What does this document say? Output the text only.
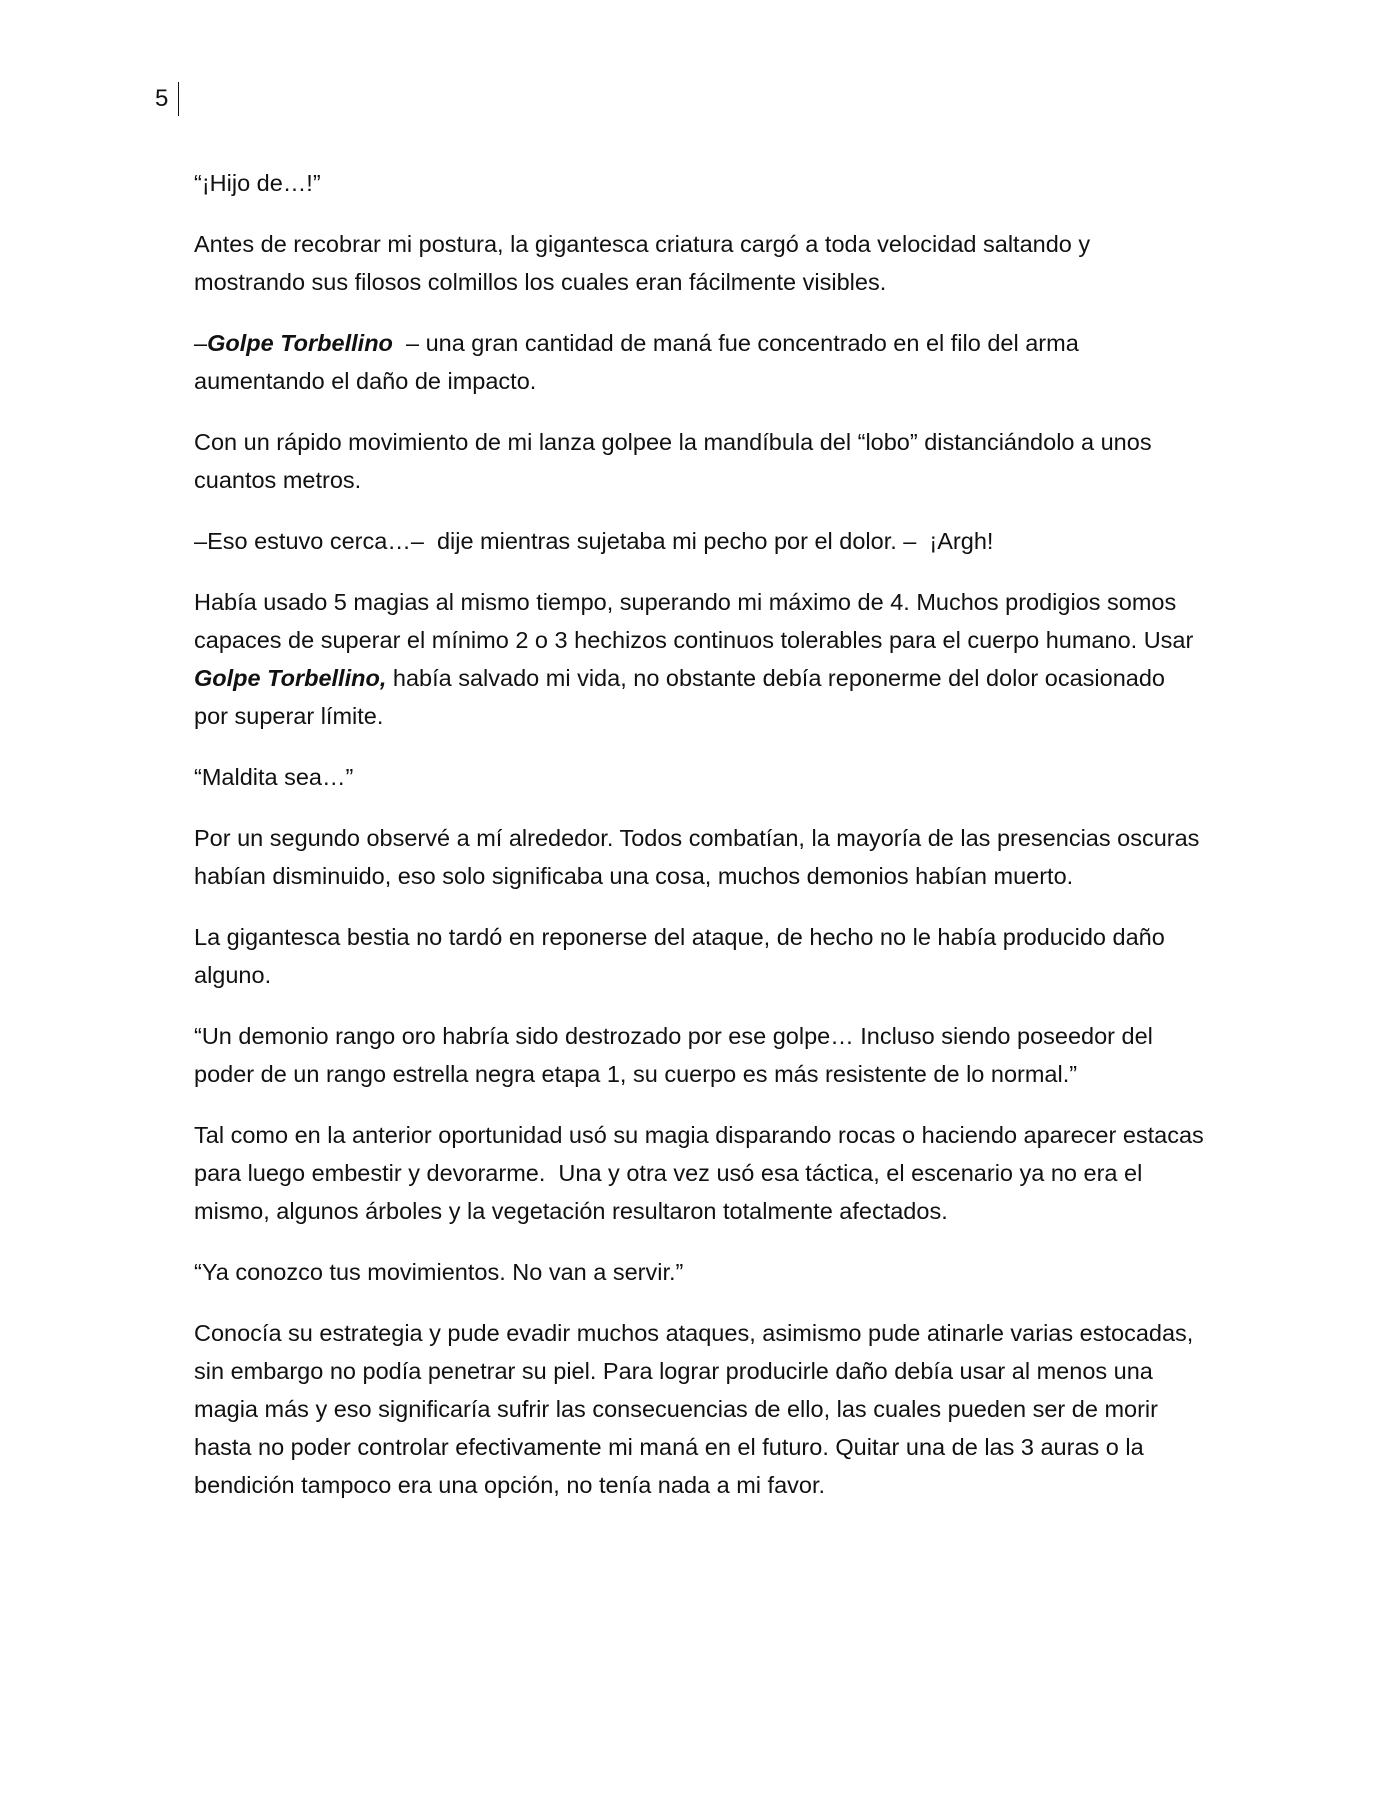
5

“¡Hijo de…!”

Antes de recobrar mi postura, la gigantesca criatura cargó a toda velocidad saltando y mostrando sus filosos colmillos los cuales eran fácilmente visibles.

–Golpe Torbellino  – una gran cantidad de maná fue concentrado en el filo del arma aumentando el daño de impacto.

Con un rápido movimiento de mi lanza golpee la mandíbula del “lobo” distanciándolo a unos cuantos metros.

–Eso estuvo cerca…–  dije mientras sujetaba mi pecho por el dolor. –  ¡Argh!

Había usado 5 magias al mismo tiempo, superando mi máximo de 4. Muchos prodigios somos capaces de superar el mínimo 2 o 3 hechizos continuos tolerables para el cuerpo humano. Usar Golpe Torbellino, había salvado mi vida, no obstante debía reponerme del dolor ocasionado por superar límite.

“Maldita sea…”

Por un segundo observé a mí alrededor. Todos combatían, la mayoría de las presencias oscuras habían disminuido, eso solo significaba una cosa, muchos demonios habían muerto.

La gigantesca bestia no tardó en reponerse del ataque, de hecho no le había producido daño alguno.

“Un demonio rango oro habría sido destrozado por ese golpe… Incluso siendo poseedor del poder de un rango estrella negra etapa 1, su cuerpo es más resistente de lo normal.”

Tal como en la anterior oportunidad usó su magia disparando rocas o haciendo aparecer estacas para luego embestir y devorarme.  Una y otra vez usó esa táctica, el escenario ya no era el mismo, algunos árboles y la vegetación resultaron totalmente afectados.

“Ya conozco tus movimientos. No van a servir.”

Conocía su estrategia y pude evadir muchos ataques, asimismo pude atinarle varias estocadas, sin embargo no podía penetrar su piel. Para lograr producirle daño debía usar al menos una magia más y eso significaría sufrir las consecuencias de ello, las cuales pueden ser de morir hasta no poder controlar efectivamente mi maná en el futuro. Quitar una de las 3 auras o la bendición tampoco era una opción, no tenía nada a mi favor.
